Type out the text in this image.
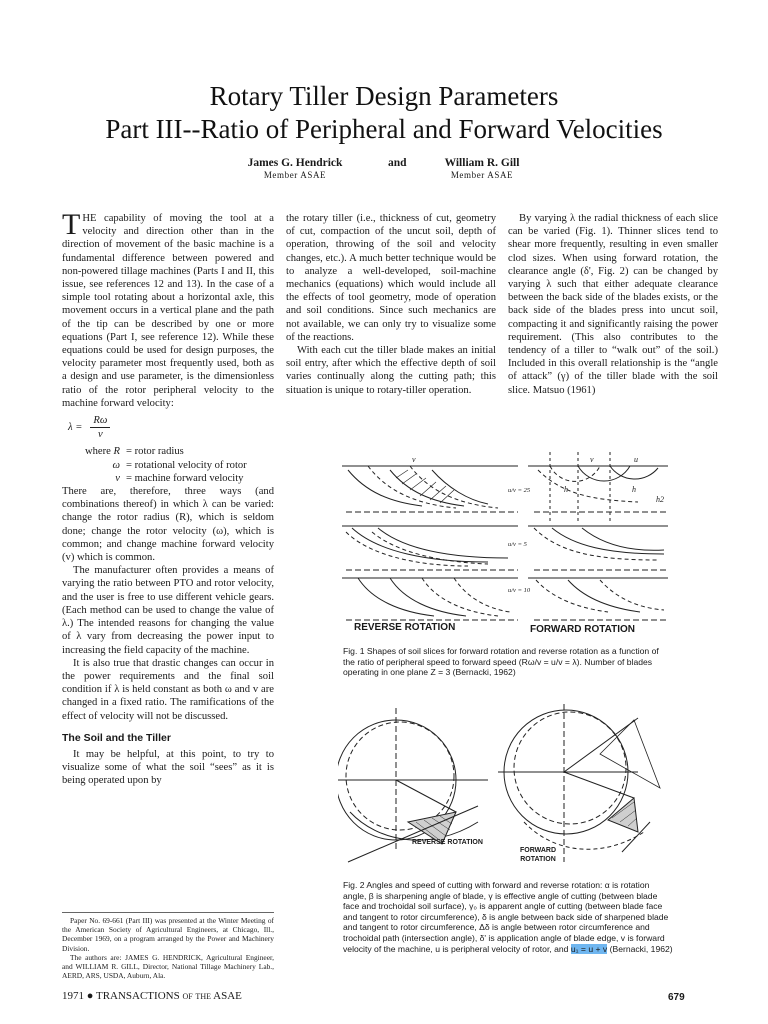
Rotary Tiller Design Parameters
Part III--Ratio of Peripheral and Forward Velocities
James G. Hendrick
Member ASAE
and	William R. Gill
Member ASAE

THE capability of moving the tool at a velocity and direction other than in the direction of movement of the basic machine is a fundamental difference between powered and non-powered tillage machines (Parts I and II, this issue, see references 12 and 13). In the case of a simple tool rotating about a horizontal axle, this movement occurs in a vertical plane and the path of the tip can be described by one or more equations (Part I, see reference 12). While these equations could be used for design purposes, the velocity parameter most frequently used, both as a design and use parameter, is the dimensionless ratio of the rotor peripheral velocity to the machine forward velocity:

$\lambda = \frac{R\omega}{v}$
where R = rotor radius
ω = rotational velocity of rotor
v = machine forward velocity

There are, therefore, three ways (and combinations thereof) in which λ can be varied: change the rotor radius (R), which is seldom done; change the rotor velocity (ω), which is common; and change machine forward velocity (v) which is common.

The manufacturer often provides a means of varying the ratio between PTO and rotor velocity, and the user is free to use different vehicle gears. (Each method can be used to change the value of λ.) The intended reasons for changing the value of λ vary from decreasing the power input to increasing the field capacity of the machine.

It is also true that drastic changes can occur in the power requirements and the final soil condition if λ is held constant as both ω and v are changed in a fixed ratio. The ramifications of the effect of velocity will not be discussed.

The Soil and the Tiller

It may be helpful, at this point, to try to visualize some of what the soil “sees” as it is being operated upon by

the rotary tiller (i.e., thickness of cut, geometry of cut, compaction of the uncut soil, depth of operation, throwing of the soil and velocity changes, etc.). A much better technique would be to analyze a well-developed, soil-machine mechanics (equations) which would include all the effects of tool geometry, mode of operation and soil conditions. Since such mechanics are not available, we can only try to visualize some of the reactions.

With each cut the tiller blade makes an initial soil entry, after which the effective depth of soil varies continually along the cutting path; this situation is unique to rotary-tiller operation.

By varying λ the radial thickness of each slice can be varied (Fig. 1). Thinner slices tend to shear more frequently, resulting in even smaller clod sizes. When using forward rotation, the clearance angle (δ', Fig. 2) can be changed by varying λ such that either adequate clearance between the back side of the blades exists, or the back side of the blades press into uncut soil, compacting it and significantly raising the power requirement. (This also contributes to the tendency of a tiller to “walk out” of the soil.) Included in this overall relationship is the “angle of attack” (γ) of the tiller blade with the soil slice. Matsuo (1961)

v	v	u
h	h
h2
u/v = 25
u/v = 5
u/v = 10
REVERSE ROTATION	FORWARD ROTATION
Fig. 1 Shapes of soil slices for forward rotation and reverse rotation as a function of the ratio of peripheral speed to forward speed (Rω/v = u/v = λ). Number of blades operating in one plane Z = 3 (Bernacki, 1962)
REVERSE ROTATION
FORWARD ROTATION
Fig. 2 Angles and speed of cutting with forward and reverse rotation: α is rotation angle, β is sharpening angle of blade, γ is effective angle of cutting (between blade face and trochoidal soil surface), γ₀ is apparent angle of cutting (between blade face and tangent to rotor circumference), δ is angle between back side of sharpened blade and tangent to rotor circumference, Δδ is angle between rotor circumference and trochoidal path (intersection angle), δ' is application angle of blade edge, v is forward velocity of the machine, u is peripheral velocity of rotor, and u₁ = u + v (Bernacki, 1962)

Paper No. 69-661 (Part III) was presented at the Winter Meeting of the American Society of Agricultural Engineers, at Chicago, Ill., December 1969, on a program arranged by the Power and Machinery Division.

The authors are: JAMES G. HENDRICK, Agricultural Engineer, and WILLIAM R. GILL, Director, National Tillage Machinery Lab., AERD, ARS, USDA, Auburn, Ala.

1971 ● TRANSACTIONS of the ASAE	679
